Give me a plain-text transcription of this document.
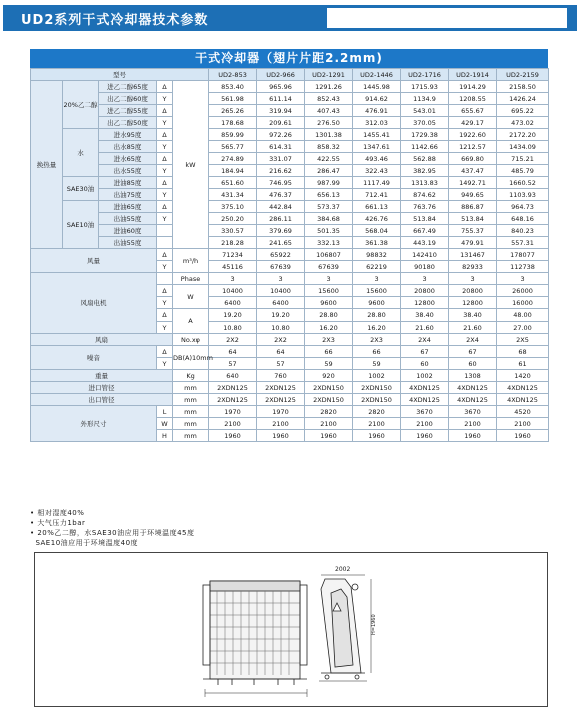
UD2系列干式冷却器技术参数
干式冷却器（翅片片距2.2mm)
型号					UD2-853	UD2-966	UD2-1291	UD2-1446	UD2-1716	UD2-1914	UD2-2159
换热量	20%乙二醇	进乙二醇65度	Δ	kW	853.40	965.96	1291.26	1445.98	1715.93	1914.29	2158.50
		出乙二醇60度	Y		561.98	611.14	852.43	914.62	1134.9	1208.55	1426.24
		进乙二醇55度	Δ		265.26	319.94	407.43	476.91	543.01	655.67	695.22
		出乙二醇50度	Y		178.68	209.61	276.50	312.03	370.05	429.17	473.02
	水	进水95度	Δ		859.99	972.26	1301.38	1455.41	1729.38	1922.60	2172.20
		出水85度	Y		565.77	614.31	858.32	1347.61	1142.66	1212.57	1434.09
		进水65度	Δ		274.89	331.07	422.55	493.46	562.88	669.80	715.21
		出水55度	Y		184.94	216.62	286.47	322.43	382.95	437.47	485.79
	SAE30油	进油85度	Δ		651.60	746.95	987.99	1117.49	1313.83	1492.71	1660.52
		出油75度	Y		431.34	476.37	656.13	712.41	874.62	949.65	1103.93
	SAE10油	进油65度	Δ		375.10	442.84	573.37	661.13	763.76	886.87	964.73
		出油55度	Y		250.20	286.11	384.68	426.76	513.84	513.84	648.16
		进油60度			330.57	379.69	501.35	568.04	667.49	755.37	840.23
		出油55度			218.28	241.65	332.13	361.38	443.19	479.91	557.31
风量			Δ	m³/h	71234	65922	106807	98832	142410	131467	178077
			Y		45116	67639	67639	62219	90180	82933	112738
风扇电机				Phase	3	3	3	3	3	3	3
			Δ	W	10400	10400	15600	15600	20800	20800	26000
			Y		6400	6400	9600	9600	12800	12800	16000
			Δ	A	19.20	19.20	28.80	28.80	38.40	38.40	48.00
			Y		10.80	10.80	16.20	16.20	21.60	21.60	27.00
风扇				No.xφ	2X2	2X2	2X3	2X3	2X4	2X4	2X5
噪音			Δ	DB(A)10mm	64	64	66	66	67	67	68
			Y		57	57	59	59	60	60	61
重量				Kg	640	760	920	1002	1002	1308	1420
进口管径				mm	2XDN125	2XDN125	2XDN150	2XDN150	4XDN125	4XDN125	4XDN125
出口管径				mm	2XDN125	2XDN125	2XDN150	2XDN150	4XDN125	4XDN125	4XDN125
外形尺寸			L	mm	1970	1970	2820	2820	3670	3670	4520
			W	mm	2100	2100	2100	2100	2100	2100	2100
			H	mm	1960	1960	1960	1960	1960	1960	1960
• 相对湿度40%
• 大气压力1bar
• 20%乙二醇，水SAE30油应用于环境温度45度
SAE10油应用于环境温度40度
2002
H=1960
